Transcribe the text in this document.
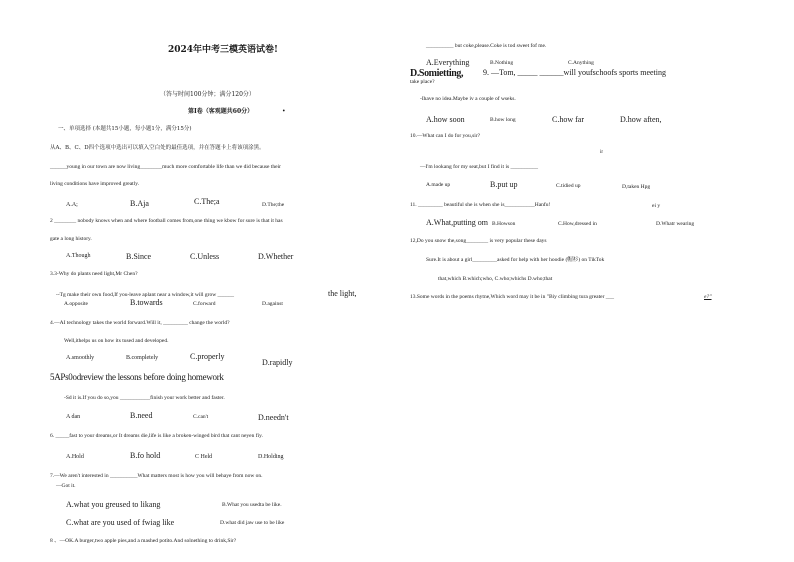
2024年中考三模英语试卷!
（答与时间100分钟；满分120分）
第I卷（客观题共60分）	•
一、单项选择 (本题共15小题，每小题1分，满分15分)
从A、B、C、D四个选项中选出可以填入空白处的最佳选项，并在答题卡上将该项涂黑。
______young in our town are now living________much more comfortable life than we did because their
living conditions have improved greatly.
A.A;	B.Aja	C.The;a	D.The;the
2 ________ nobody knows when and where football comes from,one thing we kbow for sure is that it has
gate a long history.
A.Though	B.Since	C.Unless	D.Whether
3.3-Why do plants need light,Mr Chen?
--Tg make their own food,If you-leave aplant near a window,it will grow ______	the light,
A.opposite	B.towards	C.forward	D.against
4.—AI technology takes the world forward.Will it, _________ change the world?
Well,ithelps us on how its tused and developed.
A.smoothly	B.completely	C.properly
D.rapidly
5APs0odreview the lessons before doing homework
-Sd it is.If you do so,you ___________finish your work better and faster.
A dan	B.need	C.can't	D.needn't
6. _____fast to your dreams,or It dreams die,life is like a broken-winged bird that cant neyen fiy.
A.Hold	B.fo hold	C Held	D.Holding
7.—We aren't interested in __________What matters most is how you will behaye from now on.
—Got it.
A.what you greused to likang	B.What you usedta be like.
C.what are you used of fwiag like	D.what did jaw use to be like
8 、—OK.A burger,two apple pies,and a mashed potito.And solnething to drink,Sir?
__________ but coke,please.Coke is tod sweet fof me.
A.Everything	B.Nothing	C.Anything
D.Somietting, 9. —Tom, _____ ______will youfschoofs sports meeting
take place?
-Ihave no idea.Maybe iv a couple of wseks.
A.how soon	B.how long	C.how far	D.how aften,
10.—What can I do for you,sir?
ir
—I'm lookang for my seat,but I find it is __________
A.made up	B.put up	C.tidied up	D,taken Hpg
11. _________ beautiful she is when she is___________Hanfu!	ei y
A.What,putting om B.Howson	C.How,dressed in	D.Whatr wearing
12,Do you snow the,song________ is very popular these days
Sure.It is about a girl_________asked for help with her hoodie (帽衫) on TikTok
that,which B.which;who, C.who;whichs D.who;that
13.Some words in the poems rhytne,Which word may it be in "Biy climbing tura greater ___	e?"
